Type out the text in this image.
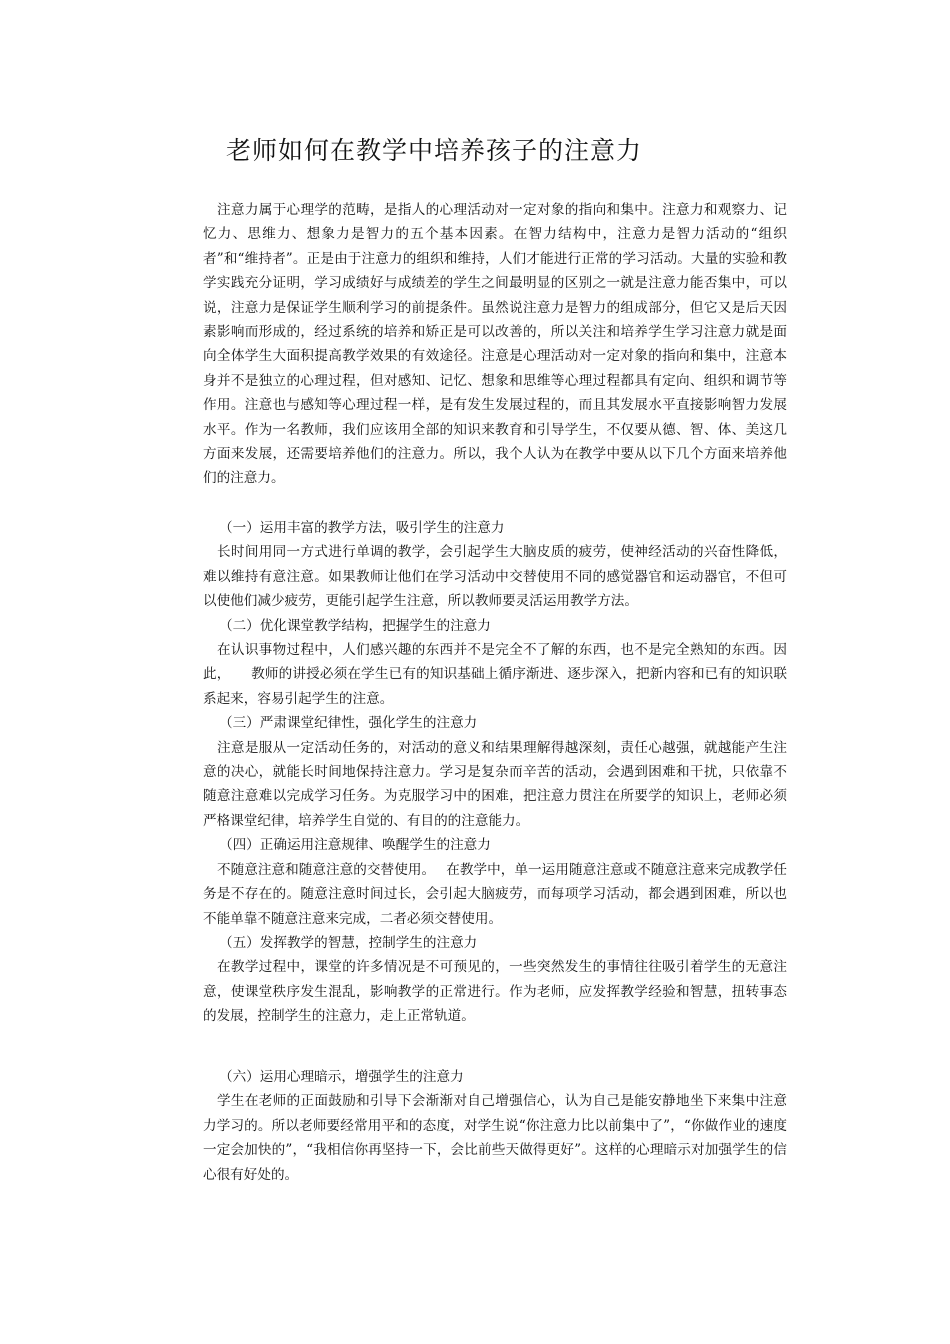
老师如何在教学中培养孩子的注意力

注意力属于心理学的范畴，是指人的心理活动对一定对象的指向和集中。注意力和观察力、记忆力、思维力、想象力是智力的五个基本因素。在智力结构中，注意力是智力活动的“组织者”和“维持者”。正是由于注意力的组织和维持，人们才能进行正常的学习活动。大量的实验和教学实践充分证明，学习成绩好与成绩差的学生之间最明显的区别之一就是注意力能否集中，可以说，注意力是保证学生顺利学习的前提条件。虽然说注意力是智力的组成部分，但它又是后天因素影响而形成的，经过系统的培养和矫正是可以改善的，所以关注和培养学生学习注意力就是面向全体学生大面积提高教学效果的有效途径。注意是心理活动对一定对象的指向和集中，注意本身并不是独立的心理过程，但对感知、记忆、想象和思维等心理过程都具有定向、组织和调节等作用。注意也与感知等心理过程一样，是有发生发展过程的，而且其发展水平直接影响智力发展水平。作为一名教师，我们应该用全部的知识来教育和引导学生，不仅要从德、智、体、美这几方面来发展，还需要培养他们的注意力。所以，我个人认为在教学中要从以下几个方面来培养他们的注意力。

（一）运用丰富的教学方法，吸引学生的注意力

长时间用同一方式进行单调的教学，会引起学生大脑皮质的疲劳，使神经活动的兴奋性降低，难以维持有意注意。如果教师让他们在学习活动中交替使用不同的感觉器官和运动器官，不但可以使他们减少疲劳，更能引起学生注意，所以教师要灵活运用教学方法。

（二）优化课堂教学结构，把握学生的注意力

在认识事物过程中，人们感兴趣的东西并不是完全不了解的东西，也不是完全熟知的东西。因此，　　教师的讲授必须在学生已有的知识基础上循序渐进、逐步深入，把新内容和已有的知识联系起来，容易引起学生的注意。

（三）严肃课堂纪律性，强化学生的注意力

注意是服从一定活动任务的，对活动的意义和结果理解得越深刻，责任心越强，就越能产生注意的决心，就能长时间地保持注意力。学习是复杂而辛苦的活动，会遇到困难和干扰，只依靠不随意注意难以完成学习任务。为克服学习中的困难，把注意力贯注在所要学的知识上，老师必须严格课堂纪律，培养学生自觉的、有目的的注意能力。

（四）正确运用注意规律、唤醒学生的注意力

不随意注意和随意注意的交替使用。　 在教学中，单一运用随意注意或不随意注意来完成教学任务是不存在的。随意注意时间过长，会引起大脑疲劳，而每项学习活动，都会遇到困难，所以也不能单靠不随意注意来完成，二者必须交替使用。

（五）发挥教学的智慧，控制学生的注意力

在教学过程中，课堂的许多情况是不可预见的，一些突然发生的事情往往吸引着学生的无意注意，使课堂秩序发生混乱，影响教学的正常进行。作为老师，应发挥教学经验和智慧，扭转事态的发展，控制学生的注意力，走上正常轨道。

（六）运用心理暗示，增强学生的注意力

学生在老师的正面鼓励和引导下会渐渐对自己增强信心，认为自己是能安静地坐下来集中注意力学习的。所以老师要经常用平和的态度，对学生说“你注意力比以前集中了”，“你做作业的速度一定会加快的”，“我相信你再坚持一下，会比前些天做得更好”。这样的心理暗示对加强学生的信心很有好处的。
